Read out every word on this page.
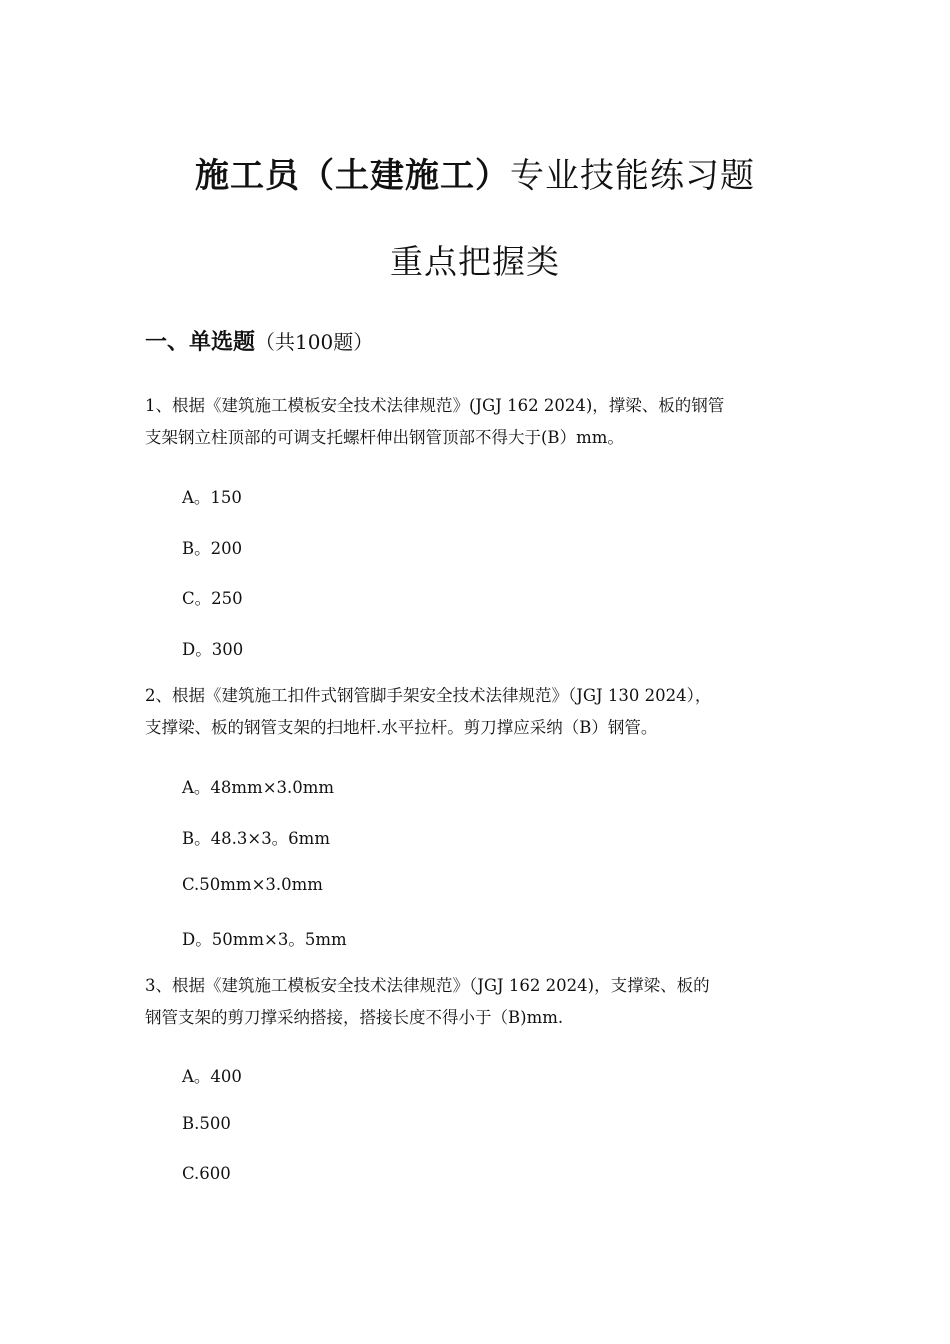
施工员（土建施工）专业技能练习题
重点把握类
一、单选题（共100题）
1、根据《建筑施工模板安全技术法律规范》(JGJ 162 2024)，撑梁、板的钢管
支架钢立柱顶部的可调支托螺杆伸出钢管顶部不得大于(B）mm。
A。150
B。200
C。250
D。300
2、根据《建筑施工扣件式钢管脚手架安全技术法律规范》（JGJ 130 2024），
支撑梁、板的钢管支架的扫地杆.水平拉杆。剪刀撑应采纳（B）钢管。
A。48mm×3.0mm
B。48.3×3。6mm
C.50mm×3.0mm
D。50mm×3。5mm
3、根据《建筑施工模板安全技术法律规范》（JGJ 162 2024)，支撑梁、板的
钢管支架的剪刀撑采纳搭接，搭接长度不得小于（B)mm.
A。400
B.500
C.600
